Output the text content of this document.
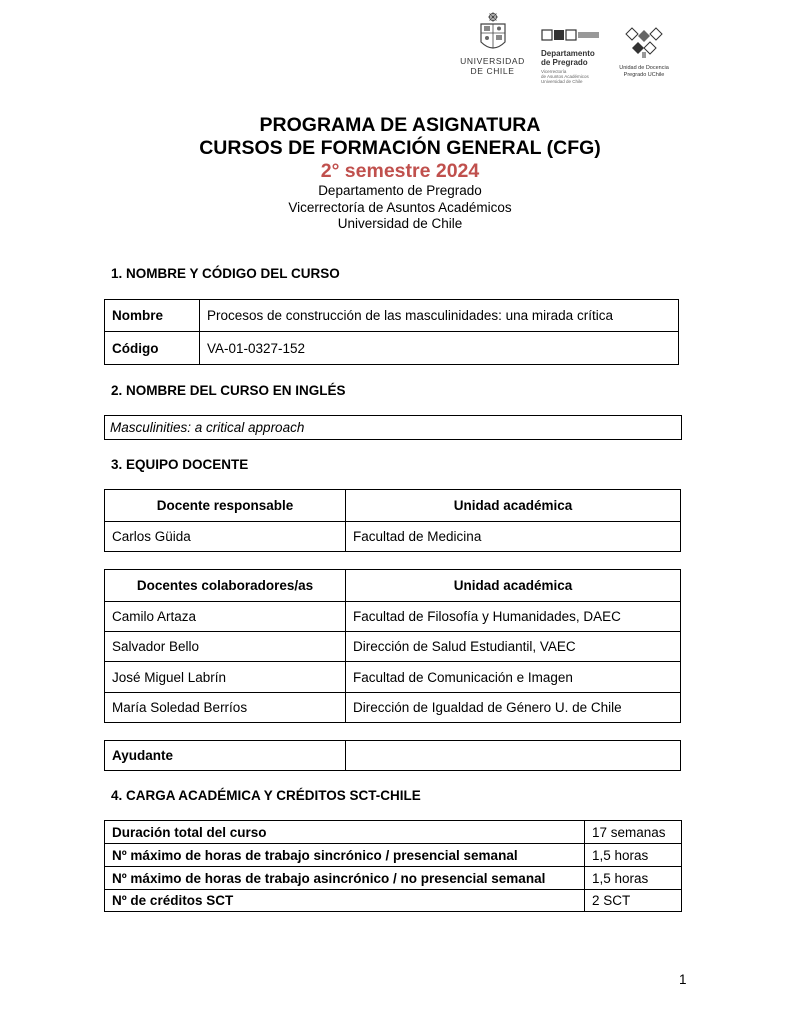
UNIVERSIDAD
DE CHILE
Departamento
de Pregrado
Vicerrectoría
de Asuntos Académicos
Universidad de Chile
Unidad de Docencia
Pregrado UChile
PROGRAMA DE ASIGNATURA
CURSOS DE FORMACIÓN GENERAL (CFG)
2° semestre 2024
Departamento de Pregrado
Vicerrectoría de Asuntos Académicos
Universidad de Chile
1. NOMBRE Y CÓDIGO DEL CURSO
Nombre	Procesos de construcción de las masculinidades: una mirada crítica
Código	VA-01-0327-152
2. NOMBRE DEL CURSO EN INGLÉS
Masculinities: a critical approach
3. EQUIPO DOCENTE
Docente responsable	Unidad académica
Carlos Güida	Facultad de Medicina
Docentes colaboradores/as	Unidad académica
Camilo Artaza	Facultad de Filosofía y Humanidades, DAEC
Salvador Bello	Dirección de Salud Estudiantil, VAEC
José Miguel Labrín	Facultad de Comunicación e Imagen
María Soledad Berríos	Dirección de Igualdad de Género U. de Chile
Ayudante	
4. CARGA ACADÉMICA Y CRÉDITOS SCT-CHILE
Duración total del curso	17 semanas
Nº máximo de horas de trabajo sincrónico / presencial semanal	1,5 horas
Nº máximo de horas de trabajo asincrónico / no presencial semanal	1,5 horas
Nº de créditos SCT	2 SCT
1
